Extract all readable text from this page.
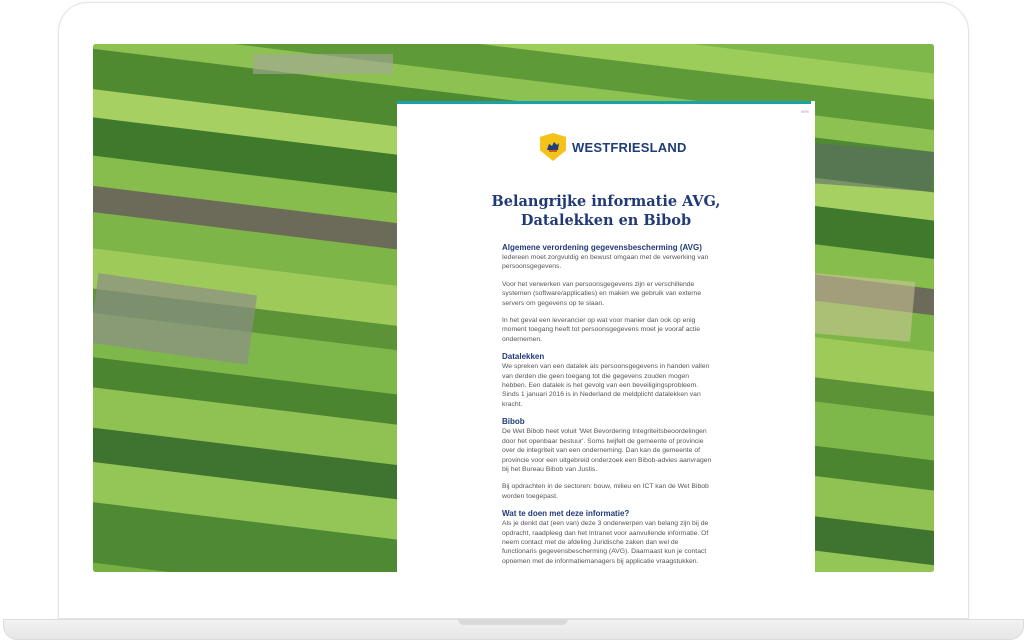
99%
WESTFRIESLAND
Belangrijke informatie AVG,
Datalekken en Bibob

Algemene verordening gegevensbescherming (AVG)

Iedereen moet zorgvuldig en bewust omgaan met de verwerking van persoonsgegevens.

Voor het verwerken van persoonsgegevens zijn er verschillende systemen (software/applicaties) en maken we gebruik van externe servers om gegevens op te slaan.

In het geval een leverancier op wat voor manier dan ook op enig moment toegang heeft tot persoonsgegevens moet je vooraf actie ondernemen.

Datalekken

We spreken van een datalek als persoonsgegevens in handen vallen van derden die geen toegang tot die gegevens zouden mogen hebben. Een datalek is het gevolg van een beveiligingsprobleem. Sinds 1 januari 2016 is in Nederland de meldplicht datalekken van kracht.

Bibob

De Wet Bibob heet voluit 'Wet Bevordering Integriteitsbeoordelingen door het openbaar bestuur'. Soms twijfelt de gemeente of provincie over de integriteit van een onderneming. Dan kan de gemeente of provincie voor een uitgebreid onderzoek een Bibob-advies aanvragen bij het Bureau Bibob van Justis.

Bij opdrachten in de sectoren: bouw, milieu en ICT kan de Wet Bibob worden toegepast.

Wat te doen met deze informatie?

Als je denkt dat (een van) deze 3 onderwerpen van belang zijn bij de opdracht, raadpleeg dan het Intranet voor aanvullende informatie. Of neem contact met de afdeling Juridische zaken dan wel de functionaris gegevensbescherming (AVG). Daarnaast kun je contact opnemen met de informatiemanagers bij applicatie vraagstukken.
